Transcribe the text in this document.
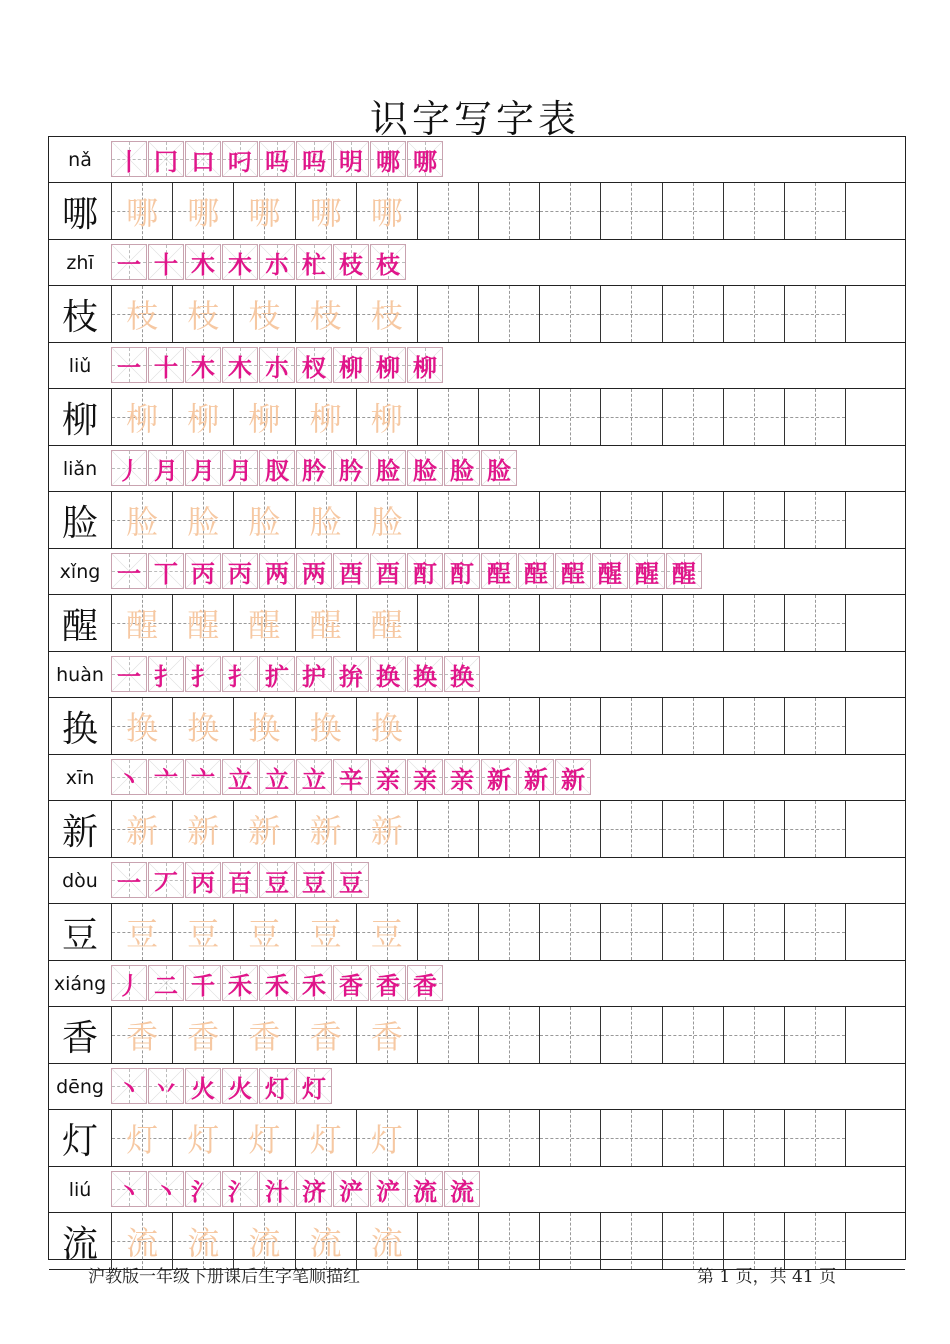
识字写字表
nǎ	丨 冂 口 叼 吗 吗 明 哪 哪
哪 哪 哪 哪 哪 哪
zhī 一 十 木 木 朩 杧 枝 枝
枝 枝 枝 枝 枝 枝
liǔ	一 十 木 木 朩 杈 柳 柳 柳
柳 柳 柳 柳 柳 柳
liǎn 丿 月 月 月 肞 肣 肣 脸 脸 脸 脸
脸 脸 脸 脸 脸 脸
xǐng 一 丅 丙 丙 两 两 酉 酉 酊 酊 酲 酲 酲 醒 醒 醒
醒 醒 醒 醒 醒 醒
huàn 一 扌 扌 扌 扩 护 拚 换 换 换
换 换 换 换 换 换
xīn 丶 亠 亠 立 立 立 辛 亲 亲 亲 新 新 新
新 新 新 新 新 新
dòu 一 丆 丙 百 豆 豆 豆
豆 豆 豆 豆 豆 豆
xiáng 丿 二 千 禾 禾 禾 香 香 香
香 香 香 香 香 香
dēng 丶 丷 火 火 灯 灯
灯 灯 灯 灯 灯 灯
liú	丶 丶 氵 氵 汁 济 浐 浐 流 流
流 流 流 流 流 流
沪教版一年级下册课后生字笔顺描红	第 1 页，共 41 页
